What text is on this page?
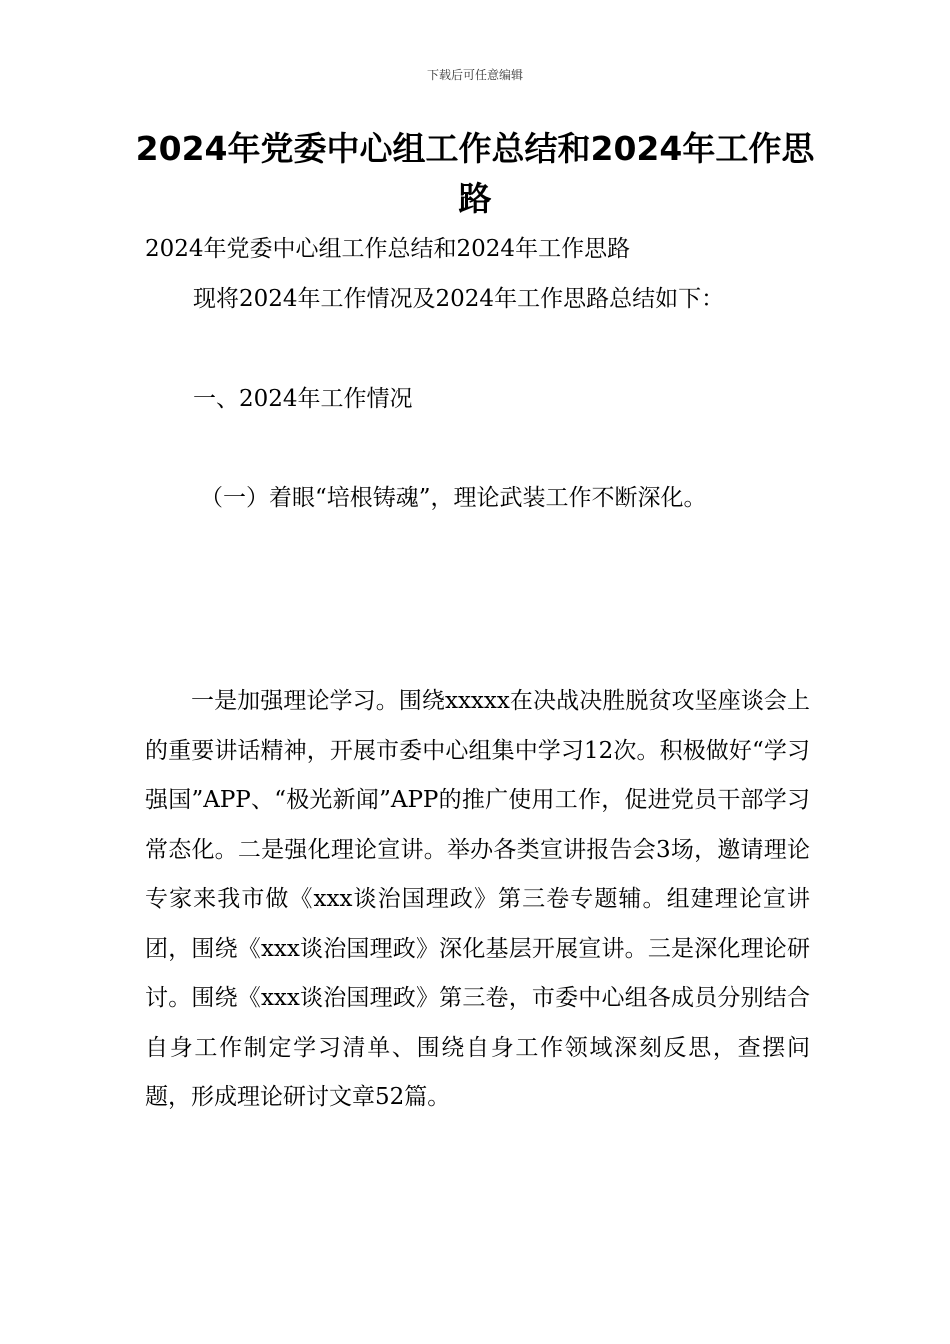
下载后可任意编辑
2024年党委中心组工作总结和2024年工作思路
2024年党委中心组工作总结和2024年工作思路
现将2024年工作情况及2024年工作思路总结如下：
一、2024年工作情况
（一）着眼“培根铸魂”，理论武装工作不断深化。

一是加强理论学习。围绕xxxxx在决战决胜脱贫攻坚座谈会上的重要讲话精神，开展市委中心组集中学习12次。积极做好“学习强国”APP、“极光新闻”APP的推广使用工作，促进党员干部学习常态化。二是强化理论宣讲。举办各类宣讲报告会3场，邀请理论专家来我市做《xxx谈治国理政》第三卷专题辅。组建理论宣讲团，围绕《xxx谈治国理政》深化基层开展宣讲。三是深化理论研讨。围绕《xxx谈治国理政》第三卷，市委中心组各成员分别结合自身工作制定学习清单、围绕自身工作领域深刻反思，查摆问题，形成理论研讨文章52篇。
